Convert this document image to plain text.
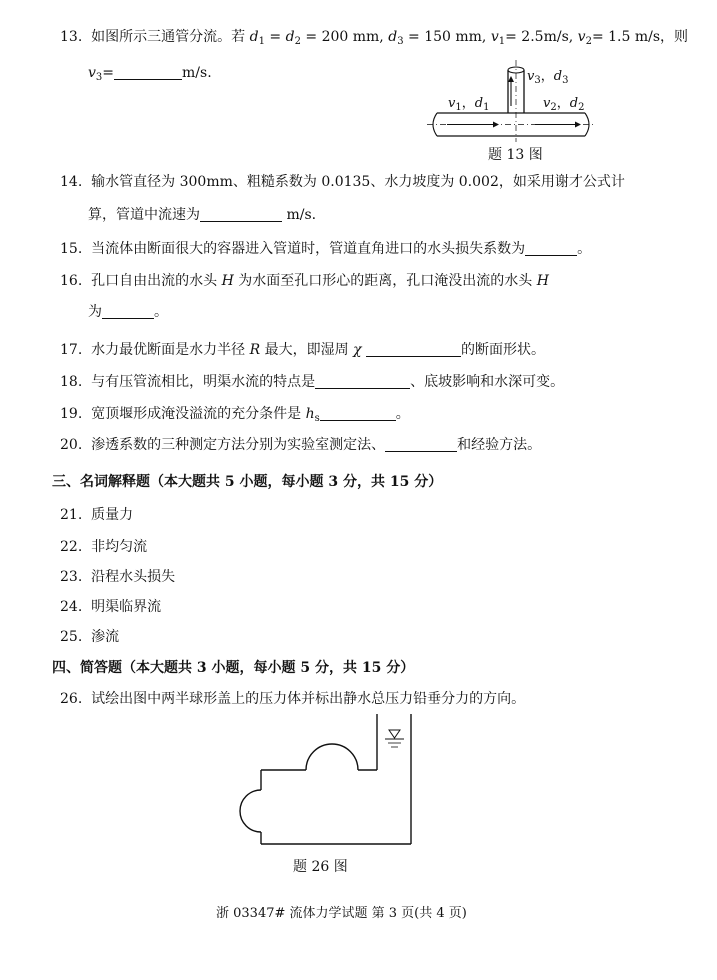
13. 如图所示三通管分流。若 $d_1 = d_2 = 200$ mm, $d_3 = 150$ mm, $v_1= 2.5m/s$, $v_2= 1.5$ m/s，则
$v_3=$	m/s.	$v_3$，$d_3$
$v_1$，$d_1$	$v_2$，$d_2$
题 13 图
14. 输水管直径为 300mm、粗糙系数为 0.0135、水力坡度为 0.002，如采用谢才公式计
算，管道中流速为	m/s.
15. 当流体由断面很大的容器进入管道时，管道直角进口的水头损失系数为	。
16. 孔口自由出流的水头 H 为水面至孔口形心的距离，孔口淹没出流的水头 H
为	。
17. 水力最优断面是水力半径 R 最大，即湿周 χ	的断面形状。
18. 与有压管流相比，明渠水流的特点是	、底坡影响和水深可变。
19. 宽顶堰形成淹没溢流的充分条件是 $h_s$	。
20. 渗透系数的三种测定方法分别为实验室测定法、	和经验方法。
三、名词解释题（本大题共 5 小题，每小题 3 分，共 15 分）
21. 质量力
22. 非均匀流
23. 沿程水头损失
24. 明渠临界流
25. 渗流
四、简答题（本大题共 3 小题，每小题 5 分，共 15 分）
26. 试绘出图中两半球形盖上的压力体并标出静水总压力铅垂分力的方向。
题 26 图
浙 03347# 流体力学试题 第 3 页(共 4 页)
